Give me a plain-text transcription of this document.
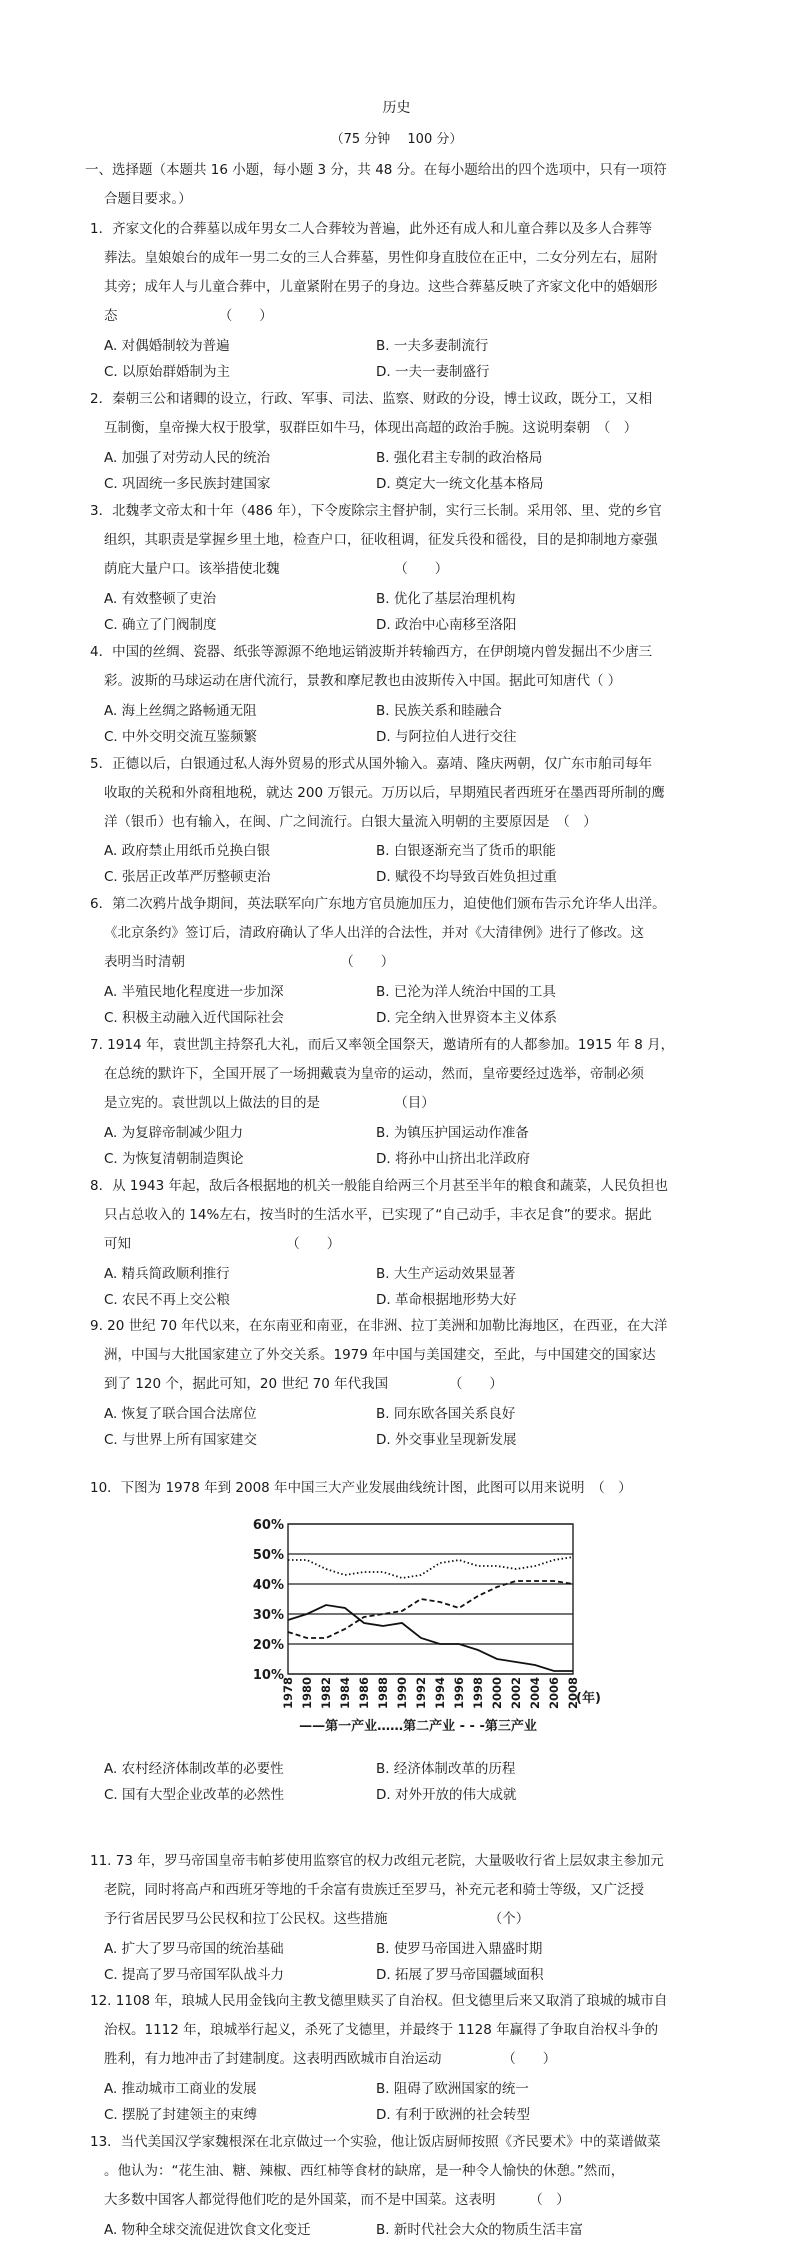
历史
（75 分钟　 100 分）
一、选择题（本题共 16 小题，每小题 3 分，共 48 分。在每小题给出的四个选项中，只有一项符
合题目要求。）
1．齐家文化的合葬墓以成年男女二人合葬较为普遍，此外还有成人和儿童合葬以及多人合葬等
葬法。皇娘娘台的成年一男二女的三人合葬墓，男性仰身直肢位在正中，二女分列左右，屈附
其旁；成年人与儿童合葬中，儿童紧附在男子的身边。这些合葬墓反映了齐家文化中的婚姻形
态　　　　　　　　（　　）
A. 对偶婚制较为普遍	B. 一夫多妻制流行
C. 以原始群婚制为主	D. 一夫一妻制盛行
2．秦朝三公和诸卿的设立，行政、军事、司法、监察、财政的分设，博士议政，既分工，又相
互制衡，皇帝操大权于股掌，驭群臣如牛马，体现出高超的政治手腕。这说明秦朝　（　）
A. 加强了对劳动人民的统治	B. 强化君主专制的政治格局
C. 巩固统一多民族封建国家	D. 奠定大一统文化基本格局
3．北魏孝文帝太和十年（486 年），下令废除宗主督护制，实行三长制。采用邻、里、党的乡官
组织，其职责是掌握乡里土地，检查户口，征收租调，征发兵役和徭役，目的是抑制地方豪强
荫庇大量户口。该举措使北魏　　　　　　　　　（　　）
A. 有效整顿了吏治	B. 优化了基层治理机构
C. 确立了门阀制度	D. 政治中心南移至洛阳
4．中国的丝绸、瓷器、纸张等源源不绝地运销波斯并转输西方，在伊朗境内曾发掘出不少唐三
彩。波斯的马球运动在唐代流行，景教和摩尼教也由波斯传入中国。据此可知唐代（ ）
A. 海上丝绸之路畅通无阻	B. 民族关系和睦融合
C. 中外交明交流互鉴频繁	D. 与阿拉伯人进行交往
5．正德以后，白银通过私人海外贸易的形式从国外输入。嘉靖、隆庆两朝，仅广东市舶司每年
收取的关税和外商租地税，就达 200 万银元。万历以后，早期殖民者西班牙在墨西哥所制的鹰
洋（银币）也有输入，在闽、广之间流行。白银大量流入明朝的主要原因是　（　）
A. 政府禁止用纸币兑换白银	B. 白银逐渐充当了货币的职能
C. 张居正改革严厉整顿吏治	D. 赋役不均导致百姓负担过重
6．第二次鸦片战争期间，英法联军向广东地方官员施加压力，迫使他们颁布告示允许华人出洋。
《北京条约》签订后，清政府确认了华人出洋的合法性，并对《大清律例》进行了修改。这
表明当时清朝　　　　　　　　　　　　（　　）
A. 半殖民地化程度进一步加深	B. 已沦为洋人统治中国的工具
C. 积极主动融入近代国际社会	D. 完全纳入世界资本主义体系
7. 1914 年，袁世凯主持祭孔大礼，而后又率领全国祭天，邀请所有的人都参加。1915 年 8 月，
在总统的默许下，全国开展了一场拥戴袁为皇帝的运动，然而，皇帝要经过选举，帝制必须
是立宪的。袁世凯以上做法的目的是　　　　　　（目）
A. 为复辟帝制减少阻力	B. 为镇压护国运动作准备
C. 为恢复清朝制造舆论	D. 将孙中山挤出北洋政府
8．从 1943 年起，敌后各根据地的机关一般能自给两三个月甚至半年的粮食和蔬菜，人民负担也
只占总收入的 14%左右，按当时的生活水平，已实现了“自己动手，丰衣足食”的要求。据此
可知　　　　　　　　　　　　（　　）
A. 精兵简政顺利推行	B. 大生产运动效果显著
C. 农民不再上交公粮	D. 革命根据地形势大好
9. 20 世纪 70 年代以来，在东南亚和南亚，在非洲、拉丁美洲和加勒比海地区，在西亚，在大洋
洲，中国与大批国家建立了外交关系。1979 年中国与美国建交，至此，与中国建交的国家达
到了 120 个，据此可知，20 世纪 70 年代我国　　　　　（　　）
A. 恢复了联合国合法席位	B. 同东欧各国关系良好
C. 与世界上所有国家建交	D. 外交事业呈现新发展
10．下图为 1978 年到 2008 年中国三大产业发展曲线统计图，此图可以用来说明　（　）
A. 农村经济体制改革的必要性	B. 经济体制改革的历程
C. 国有大型企业改革的必然性	D. 对外开放的伟大成就
11. 73 年，罗马帝国皇帝韦帕芗使用监察官的权力改组元老院，大量吸收行省上层奴隶主参加元
老院，同时将高卢和西班牙等地的千余富有贵族迁至罗马，补充元老和骑士等级，又广泛授
予行省居民罗马公民权和拉丁公民权。这些措施　　　　　　　　（个）
A. 扩大了罗马帝国的统治基础	B. 使罗马帝国进入鼎盛时期
C. 提高了罗马帝国军队战斗力	D. 拓展了罗马帝国疆域面积
12. 1108 年，琅城人民用金钱向主教戈德里赎买了自治权。但戈德里后来又取消了琅城的城市自
治权。1112 年，琅城举行起义，杀死了戈德里，并最终于 1128 年赢得了争取自治权斗争的
胜利，有力地冲击了封建制度。这表明西欧城市自治运动　　　　　（　　）
A. 推动城市工商业的发展	B. 阻碍了欧洲国家的统一
C. 摆脱了封建领主的束缚	D. 有利于欧洲的社会转型
13．当代美国汉学家魏根深在北京做过一个实验，他让饭店厨师按照《齐民要术》中的菜谱做菜
。他认为：“花生油、糖、辣椒、西红柿等食材的缺席，是一种令人愉快的休憩。”然而，
大多数中国客人都觉得他们吃的是外国菜，而不是中国菜。这表明　　　（　）
A. 物种全球交流促进饮食文化变迁	B. 新时代社会大众的物质生活丰富
60%
50%
40%
30%
20%
10%
1978 1980 1982 1984 1986 1988 1990 1992 1994 1996 1998 2000 2002 2004 2006 2008
(年)
——第一产业……第二产业 - - -第三产业
